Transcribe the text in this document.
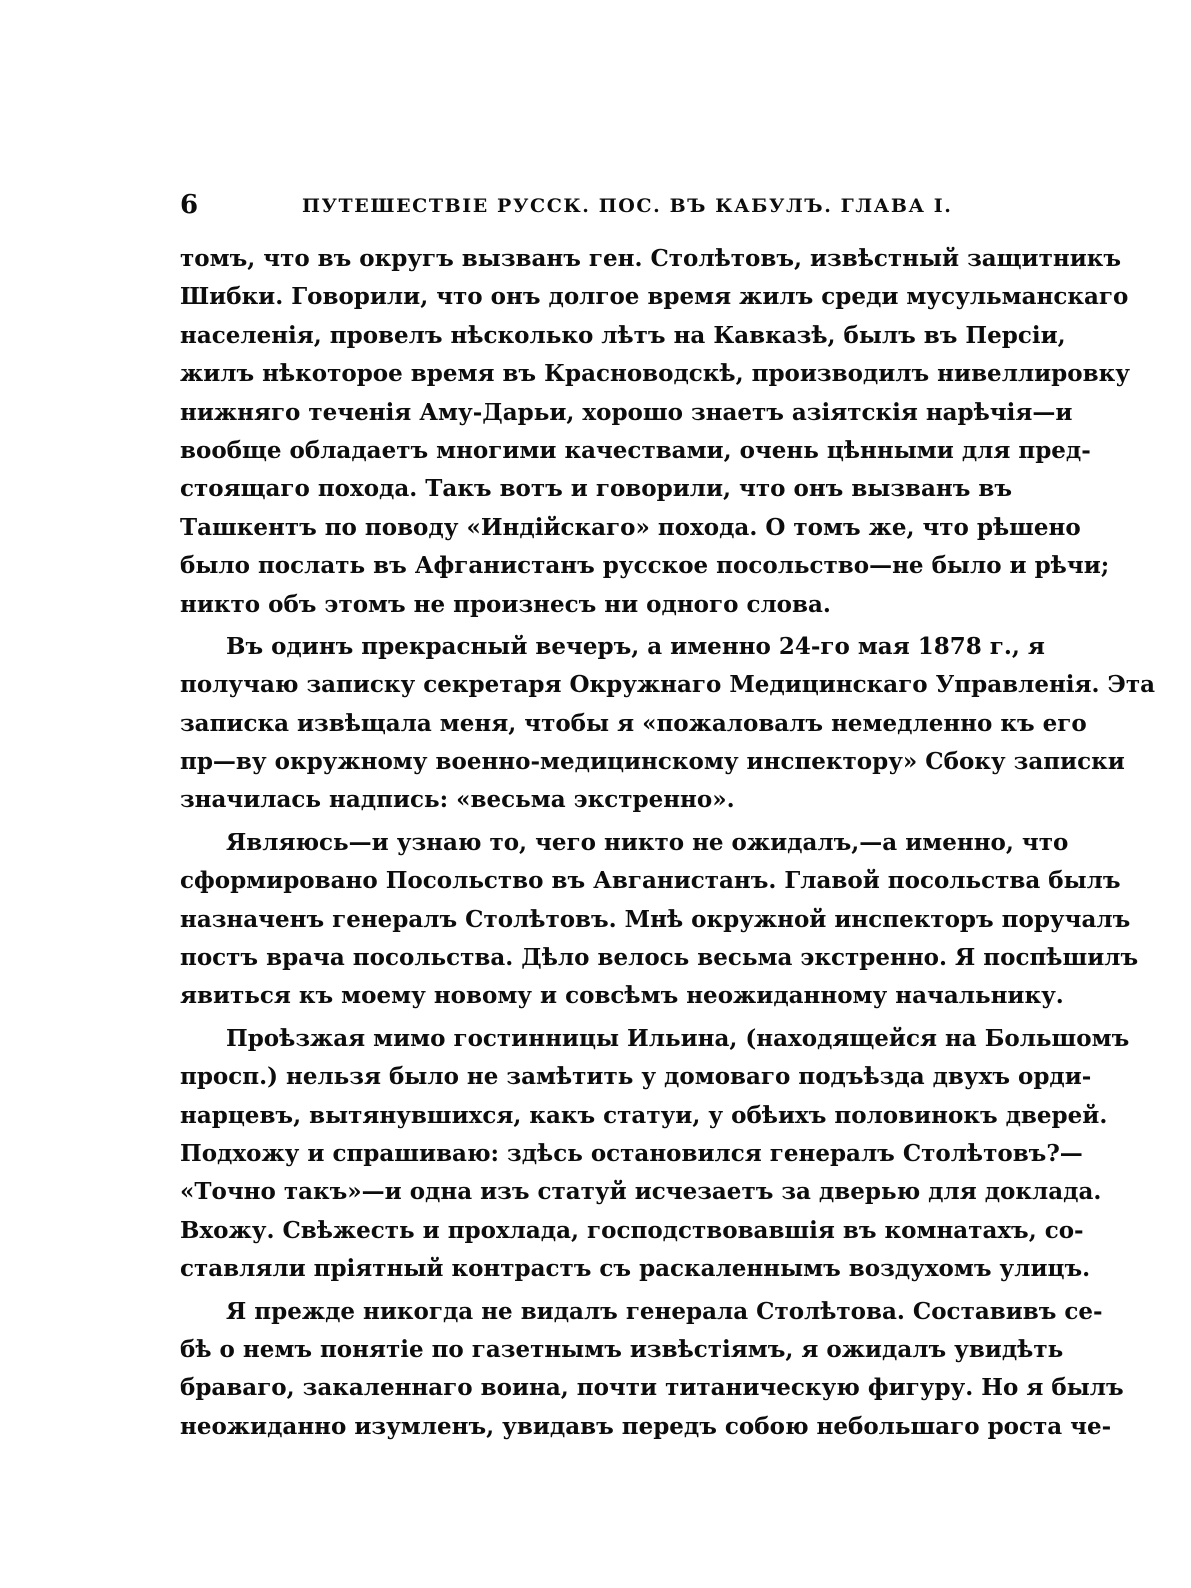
6	ПУТЕШЕСТВІЕ РУССК. ПОС. ВЪ КАБУЛЪ. ГЛАВА I.
томъ, что въ округъ вызванъ ген. Столѣтовъ, извѣстный защитникъ
Шибки. Говорили, что онъ долгое время жилъ среди мусульманскаго
населенія, провелъ нѣсколько лѣтъ на Кавказѣ, былъ въ Персіи,
жилъ нѣкоторое время въ Красноводскѣ, производилъ нивеллировку
нижняго теченія Аму-Дарьи, хорошо знаетъ азіятскія нарѣчія—и
вообще обладаетъ многими качествами, очень цѣнными для пред-
стоящаго похода. Такъ вотъ и говорили, что онъ вызванъ въ
Ташкентъ по поводу «Индійскаго» похода. О томъ же, что рѣшено
было послать въ Афганистанъ русское посольство—не было и рѣчи;
никто объ этомъ не произнесъ ни одного слова.
Въ одинъ прекрасный вечеръ, а именно 24-го мая 1878 г., я
получаю записку секретаря Окружнаго Медицинскаго Управленія. Эта
записка извѣщала меня, чтобы я «пожаловалъ немедленно къ его
пр—ву окружному военно-медицинскому инспектору» Сбоку записки
значилась надпись: «весьма экстренно».
Являюсь—и узнаю то, чего никто не ожидалъ,—а именно, что
сформировано Посольство въ Авганистанъ. Главой посольства былъ
назначенъ генералъ Столѣтовъ. Мнѣ окружной инспекторъ поручалъ
постъ врача посольства. Дѣло велось весьма экстренно. Я поспѣшилъ
явиться къ моему новому и совсѣмъ неожиданному начальнику.
Проѣзжая мимо гостинницы Ильина, (находящейся на Большомъ
просп.) нельзя было не замѣтить у домоваго подъѣзда двухъ орди-
нарцевъ, вытянувшихся, какъ статуи, у обѣихъ половинокъ дверей.
Подхожу и спрашиваю: здѣсь остановился генералъ Столѣтовъ?—
«Точно такъ»—и одна изъ статуй исчезаетъ за дверью для доклада.
Вхожу. Свѣжесть и прохлада, господствовавшія въ комнатахъ, со-
ставляли пріятный контрастъ съ раскаленнымъ воздухомъ улицъ.
Я прежде никогда не видалъ генерала Столѣтова. Составивъ се-
бѣ о немъ понятіе по газетнымъ извѣстіямъ, я ожидалъ увидѣть
браваго, закаленнаго воина, почти титаническую фигуру. Но я былъ
неожиданно изумленъ, увидавъ передъ собою небольшаго роста че-
